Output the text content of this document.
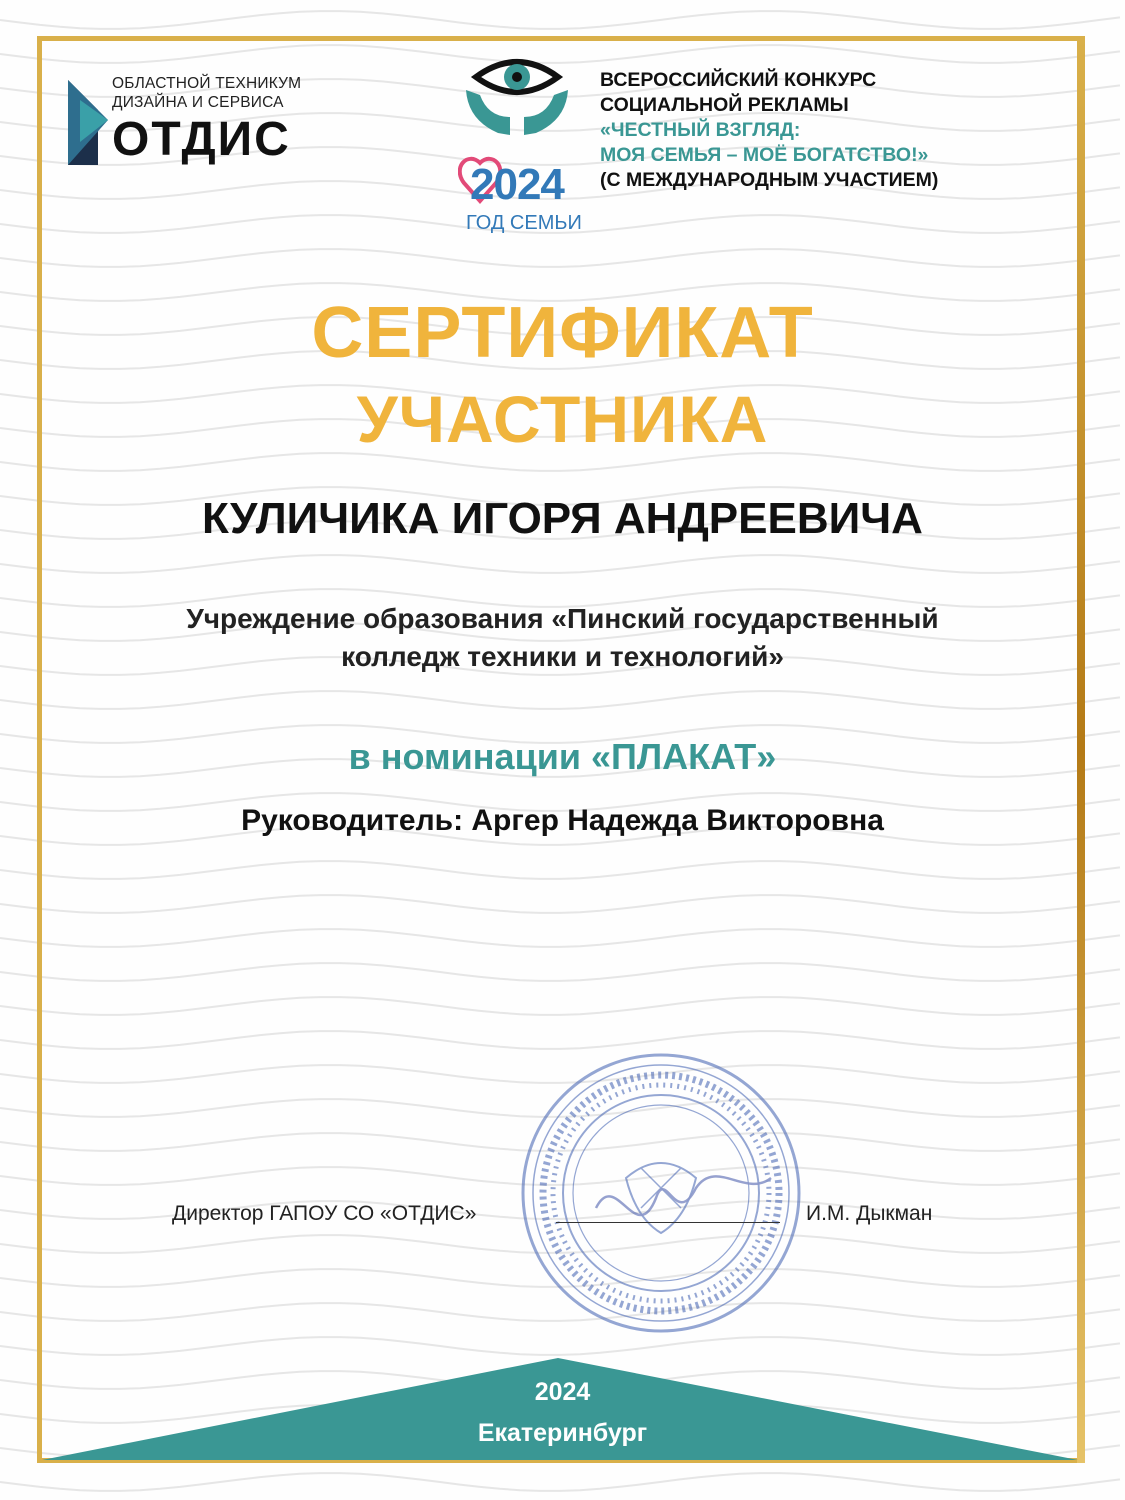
ОБЛАСТНОЙ ТЕХНИКУМ
ДИЗАЙНА И СЕРВИСА
ОТДИС
2024
ГОД СЕМЬИ
ВСЕРОССИЙСКИЙ КОНКУРС
СОЦИАЛЬНОЙ РЕКЛАМЫ
«ЧЕСТНЫЙ ВЗГЛЯД:
МОЯ СЕМЬЯ – МОЁ БОГАТСТВО!»
(С МЕЖДУНАРОДНЫМ УЧАСТИЕМ)
СЕРТИФИКАТ
УЧАСТНИКА
КУЛИЧИКА ИГОРЯ АНДРЕЕВИЧА
Учреждение образования «Пинский государственный
колледж техники и технологий»
в номинации «ПЛАКАТ»
Руководитель: Аргер Надежда Викторовна
Директор ГАПОУ СО «ОТДИС»	И.М. Дыкман
2024
Екатеринбург
